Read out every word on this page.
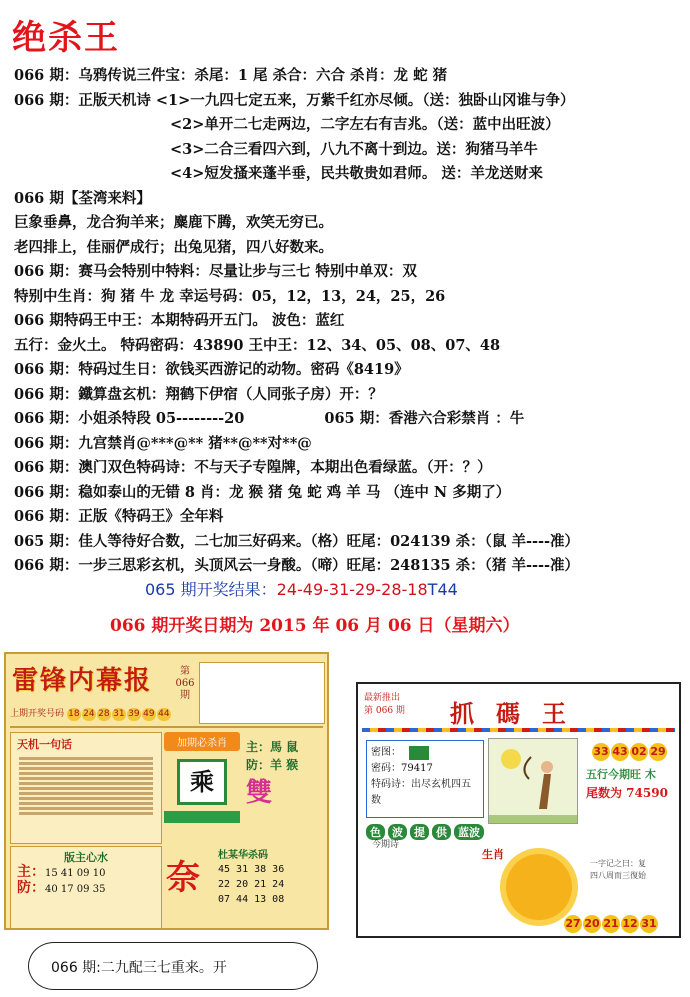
绝杀王
066 期：乌鸦传说三件宝：杀尾：1 尾 杀合：六合 杀肖：龙 蛇 猪
066 期：正版天机诗 <1>一九四七定五来，万紫千红亦尽倾。（送：独卧山冈谁与争）
<2>单开二七走两边，二字左右有吉兆。（送：蓝中出旺波）
<3>二合三看四六到，八九不离十到边。送：狗猪马羊牛
<4>短发搔来蓬半垂，民共敬贵如君师。 送：羊龙送财来
066 期【荃湾来料】
巨象垂鼻，龙合狗羊来；麋鹿下腾，欢笑无穷已。
老四排上，佳丽俨成行；出兔见猪，四八好数来。
066 期：赛马会特别中特料：尽量让步与三七 特别中单双：双
特别中生肖：狗 猪 牛 龙 幸运号码：05，12，13，24，25，26
066 期特码王中王：本期特码开五门。 波色：蓝红
五行：金火土。 特码密码：43890 王中王：12、34、05、08、07、48
066 期：特码过生日：欲钱买西游记的动物。密码《8419》
066 期：鐵算盘玄机：翔鹤下伊宿（人同张子房）开：？
066 期：小姐杀特段 05--------20	065 期：香港六合彩禁肖 ：牛
066 期：九宫禁肖@***@** 猪**@**对**@
066 期：澳门双色特码诗：不与天子专隍牌，本期出色看绿蓝。（开：？）
066 期：稳如泰山的无错 8 肖：龙 猴 猪 兔 蛇 鸡 羊 马 （连中 N 多期了）
066 期：正版《特码王》全年料
065 期：佳人等待好合数，二七加三好码来。（格）旺尾：024139 杀：（鼠 羊----准）
066 期：一步三思彩玄机，头顶风云一身酸。（啼）旺尾：248135 杀：（猪 羊----准）
065 期开奖结果：24-49-31-29-28-18T44
066 期开奖日期为 2015 年 06 月 06 日（星期六）
雷锋内幕报	第 066 期
上期开奖号码 18 24 28 31 39 49 44
天机一句话	加期必杀肖
乘
主：馬 鼠
防：羊 猴
雙
版主心水
主：15 41 09 10
防：40 17 09 35	奈
杜某华杀码
45 31 38 36
22 20 21 24
07 44 13 08
最新推出
第 066 期 抓碼王
密图：
密码：79417
特码诗：出尽玄机四五数
33 43 02 29
五行今期旺 木
尾数为 74590
色 波 提 供 蓝波
今期诗
生肖
一字记之曰：复
四八周而三復始
27 20 21 12 31
066 期:二九配三七重来。开
